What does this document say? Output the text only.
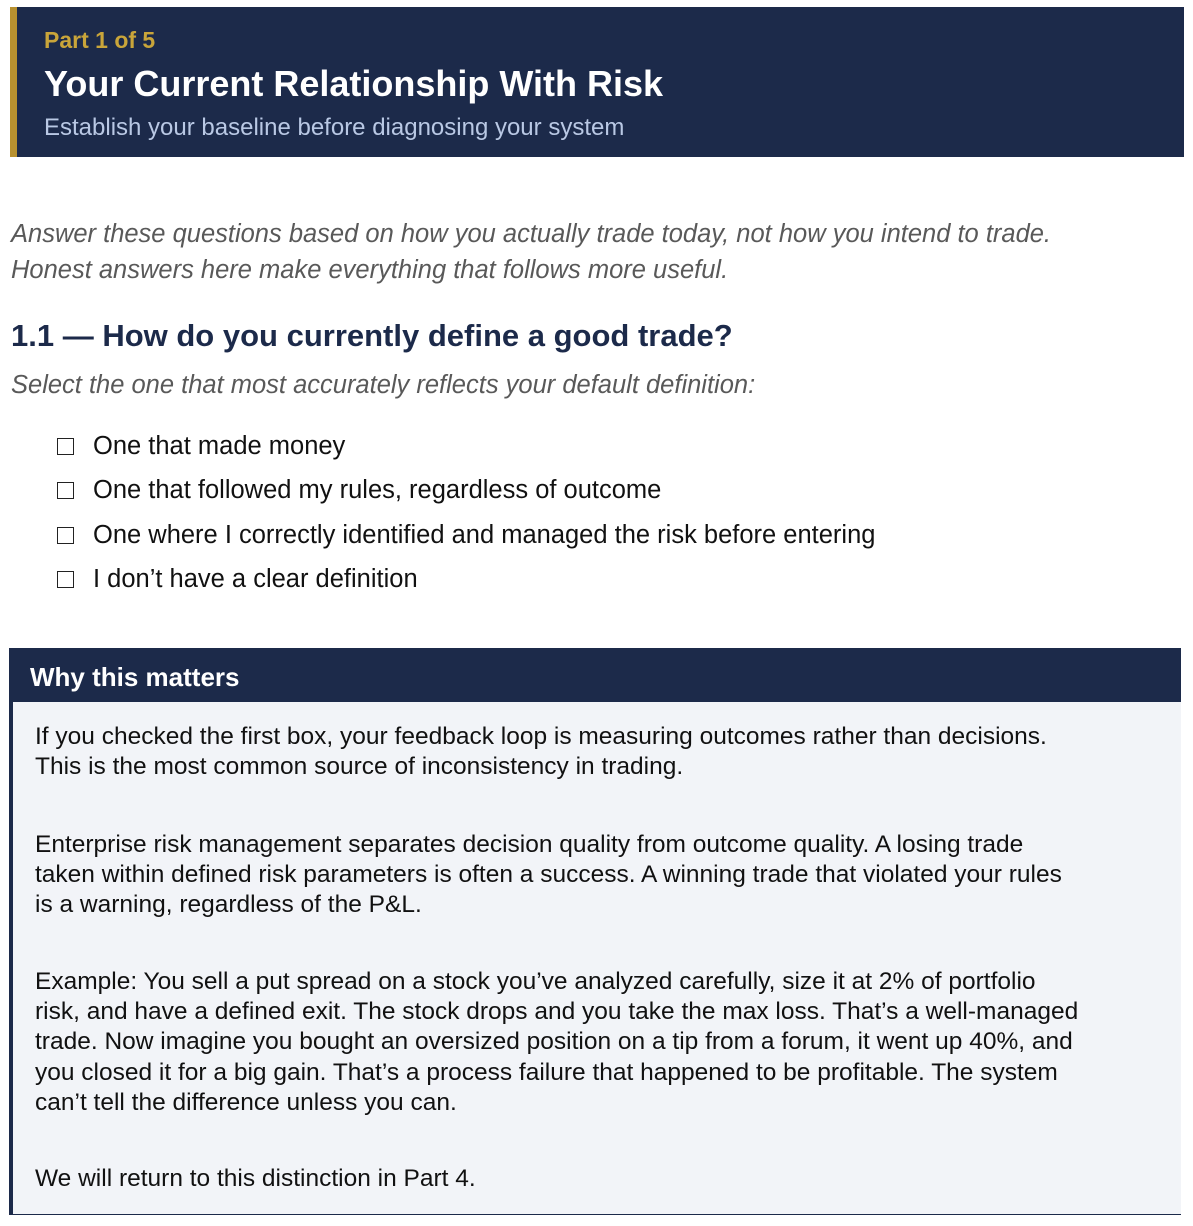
Part 1 of 5
Your Current Relationship With Risk
Establish your baseline before diagnosing your system

Answer these questions based on how you actually trade today, not how you intend to trade.

Honest answers here make everything that follows more useful.

1.1 — How do you currently define a good trade?
Select the one that most accurately reflects your default definition:
One that made money
One that followed my rules, regardless of outcome
One where I correctly identified and managed the risk before entering
I don’t have a clear definition
Why this matters

If you checked the first box, your feedback loop is measuring outcomes rather than decisions.
This is the most common source of inconsistency in trading.

Enterprise risk management separates decision quality from outcome quality. A losing trade
taken within defined risk parameters is often a success. A winning trade that violated your rules
is a warning, regardless of the P&L.

Example: You sell a put spread on a stock you’ve analyzed carefully, size it at 2% of portfolio
risk, and have a defined exit. The stock drops and you take the max loss. That’s a well-managed
trade. Now imagine you bought an oversized position on a tip from a forum, it went up 40%, and
you closed it for a big gain. That’s a process failure that happened to be profitable. The system
can’t tell the difference unless you can.

We will return to this distinction in Part 4.
